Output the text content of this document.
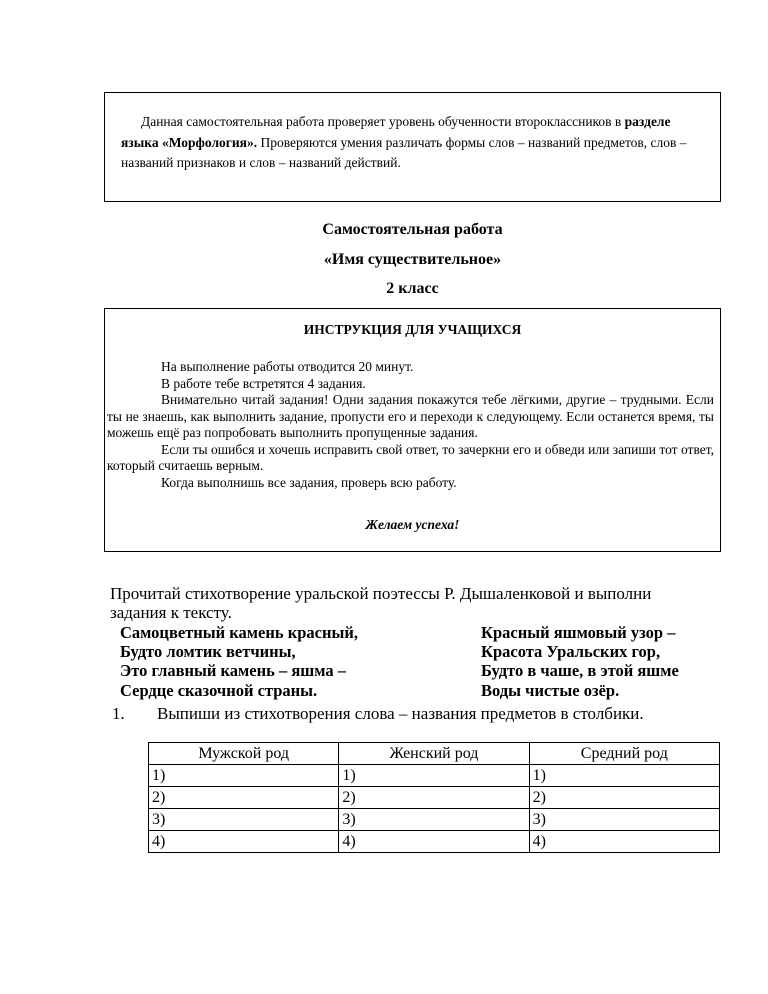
Данная самостоятельная работа проверяет уровень обученности второклассников в разделе языка «Морфология». Проверяются умения различать формы слов – названий предметов, слов – названий признаков и слов – названий действий.

Самостоятельная работа
«Имя существительное»
2 класс
ИНСТРУКЦИЯ ДЛЯ УЧАЩИХСЯ
На выполнение работы отводится 20 минут.
В работе тебе встретятся 4 задания.
Внимательно читай задания! Одни задания покажутся тебе лёгкими, другие – трудными. Если ты не знаешь, как выполнить задание, пропусти его и переходи к следующему. Если останется время, ты можешь ещё раз попробовать выполнить пропущенные задания.
Если ты ошибся и хочешь исправить свой ответ, то зачеркни его и обведи или запиши тот ответ, который считаешь верным.
Когда выполнишь все задания, проверь всю работу.
Желаем успеха!
Прочитай стихотворение уральской поэтессы Р. Дышаленковой и выполни
задания к тексту.
Самоцветный камень красный,
Будто ломтик ветчины,
Это главный камень – яшма –
Сердце сказочной страны.
Красный яшмовый узор –
Красота Уральских гор,
Будто в чаше, в этой яшме
Воды чистые озёр.
1. Выпиши из стихотворения слова – названия предметов в столбики.
Мужской род	Женский род	Средний род
1)	1)	1)
2)	2)	2)
3)	3)	3)
4)	4)	4)
